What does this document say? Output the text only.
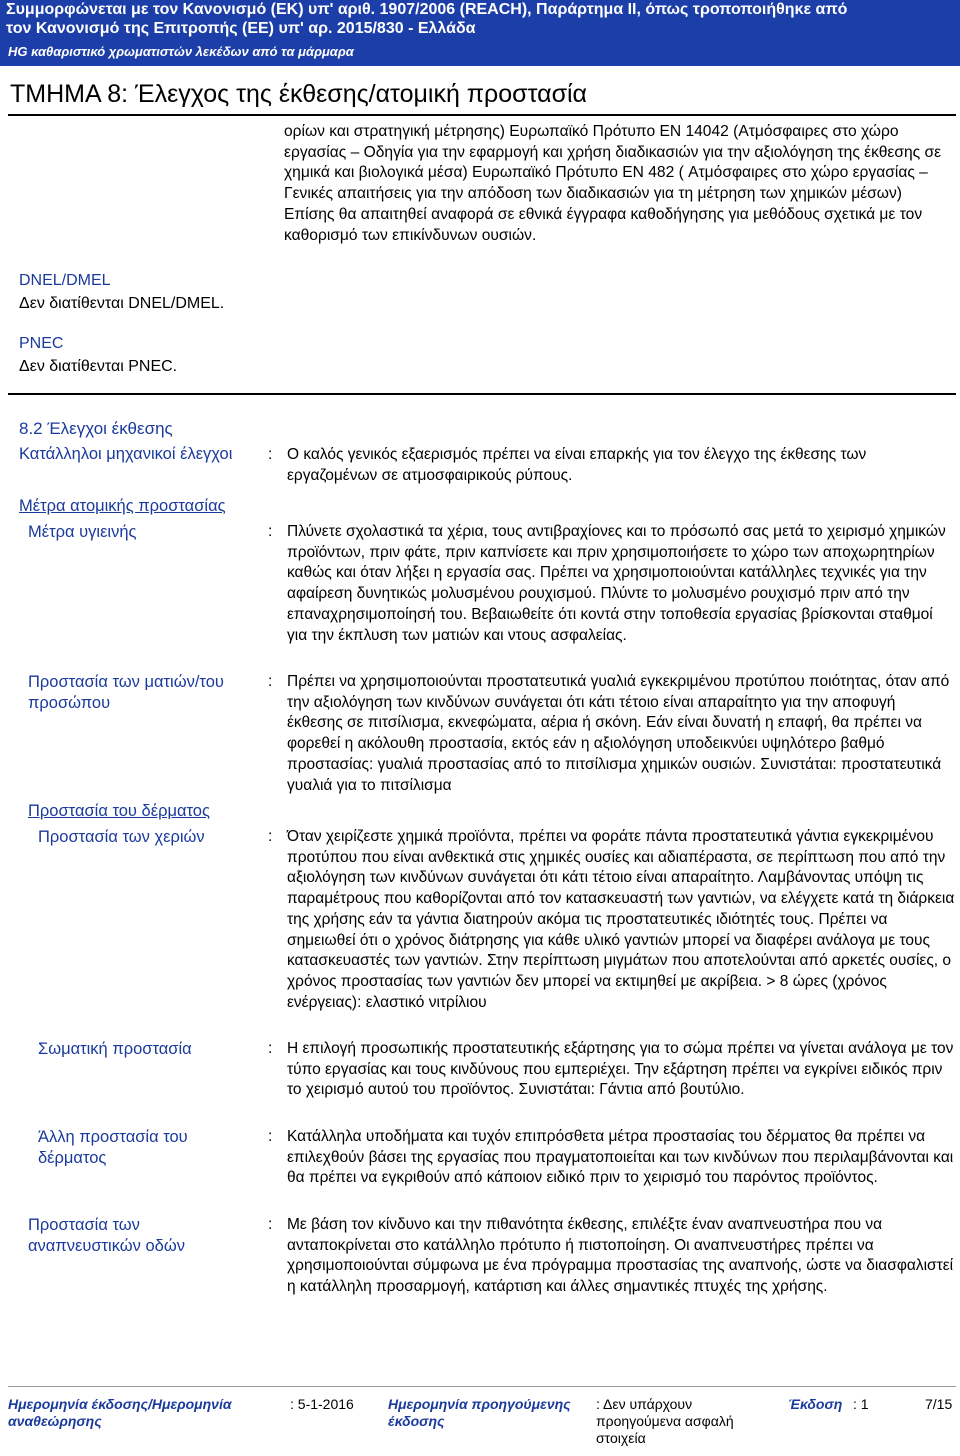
Συμμορφώνεται με τον Κανονισμό (ΕΚ) υπ' αριθ. 1907/2006 (REACH), Παράρτημα II, όπως τροποποιήθηκε από
τον Κανονισμό της Επιτροπής (ΕΕ) υπ' αρ. 2015/830 - Ελλάδα
HG καθαριστικό χρωματιστών λεκέδων από τα μάρμαρα
ΤΜΗΜΑ 8: Έλεγχος της έκθεσης/ατομική προστασία
ορίων και στρατηγική μέτρησης) Ευρωπαϊκό Πρότυπο EN 14042 (Ατμόσφαιρες στο χώρο εργασίας – Οδηγία για την εφαρμογή και χρήση διαδικασιών για την αξιολόγηση της έκθεσης σε χημικά και βιολογικά μέσα) Ευρωπαϊκό Πρότυπο EN 482 ( Ατμόσφαιρες στο χώρο εργασίας – Γενικές απαιτήσεις για την απόδοση των διαδικασιών για τη μέτρηση των χημικών μέσων) Επίσης θα απαιτηθεί αναφορά σε εθνικά έγγραφα καθοδήγησης για μεθόδους σχετικά με τον καθορισμό των επικίνδυνων ουσιών.
DNEL/DMEL
Δεν διατίθενται DNEL/DMEL.
PNEC
Δεν διατίθενται PNEC.
8.2 Έλεγχοι έκθεσης
Κατάλληλοι μηχανικοί έλεγχοι	: Ο καλός γενικός εξαερισμός πρέπει να είναι επαρκής για τον έλεγχο της έκθεσης των εργαζομένων σε ατμοσφαιρικούς ρύπους.
Μέτρα ατομικής προστασίας
Μέτρα υγιεινής	: Πλύνετε σχολαστικά τα χέρια, τους αντιβραχίονες και το πρόσωπό σας μετά το χειρισμό χημικών προϊόντων, πριν φάτε, πριν καπνίσετε και πριν χρησιμοποιήσετε το χώρο των αποχωρητηρίων καθώς και όταν λήξει η εργασία σας. Πρέπει να χρησιμοποιούνται κατάλληλες τεχνικές για την αφαίρεση δυνητικώς μολυσμένου ρουχισμού. Πλύντε το μολυσμένο ρουχισμό πριν από την επαναχρησιμοποίησή του. Βεβαιωθείτε ότι κοντά στην τοποθεσία εργασίας βρίσκονται σταθμοί για την έκπλυση των ματιών και ντους ασφαλείας.
Προστασία των ματιών/του προσώπου
: Πρέπει να χρησιμοποιούνται προστατευτικά γυαλιά εγκεκριμένου προτύπου ποιότητας, όταν από την αξιολόγηση των κινδύνων συνάγεται ότι κάτι τέτοιο είναι απαραίτητο για την αποφυγή έκθεσης σε πιτσίλισμα, εκνεφώματα, αέρια ή σκόνη. Εάν είναι δυνατή η επαφή, θα πρέπει να φορεθεί η ακόλουθη προστασία, εκτός εάν η αξιολόγηση υποδεικνύει υψηλότερο βαθμό προστασίας: γυαλιά προστασίας από το πιτσίλισμα χημικών ουσιών. Συνιστάται: προστατευτικά γυαλιά για το πιτσίλισμα
Προστασία του δέρματος
Προστασία των χεριών	: Όταν χειρίζεστε χημικά προϊόντα, πρέπει να φοράτε πάντα προστατευτικά γάντια εγκεκριμένου προτύπου που είναι ανθεκτικά στις χημικές ουσίες και αδιαπέραστα, σε περίπτωση που από την αξιολόγηση των κινδύνων συνάγεται ότι κάτι τέτοιο είναι απαραίτητο. Λαμβάνοντας υπόψη τις παραμέτρους που καθορίζονται από τον κατασκευαστή των γαντιών, να ελέγχετε κατά τη διάρκεια της χρήσης εάν τα γάντια διατηρούν ακόμα τις προστατευτικές ιδιότητές τους. Πρέπει να σημειωθεί ότι ο χρόνος διάτρησης για κάθε υλικό γαντιών μπορεί να διαφέρει ανάλογα με τους κατασκευαστές των γαντιών. Στην περίπτωση μιγμάτων που αποτελούνται από αρκετές ουσίες, ο χρόνος προστασίας των γαντιών δεν μπορεί να εκτιμηθεί με ακρίβεια. > 8 ώρες (χρόνος ενέργειας): ελαστικό νιτρίλιου
Σωματική προστασία	: Η επιλογή προσωπικής προστατευτικής εξάρτησης για το σώμα πρέπει να γίνεται ανάλογα με τον τύπο εργασίας και τους κινδύνους που εμπεριέχει. Την εξάρτηση πρέπει να εγκρίνει ειδικός πριν το χειρισμό αυτού του προϊόντος. Συνιστάται: Γάντια από βουτύλιο.
Άλλη προστασία του δέρματος
: Κατάλληλα υποδήματα και τυχόν επιπρόσθετα μέτρα προστασίας του δέρματος θα πρέπει να επιλεχθούν βάσει της εργασίας που πραγματοποιείται και των κινδύνων που περιλαμβάνονται και θα πρέπει να εγκριθούν από κάποιον ειδικό πριν το χειρισμό του παρόντος προϊόντος.
Προστασία των αναπνευστικών οδών
: Με βάση τον κίνδυνο και την πιθανότητα έκθεσης, επιλέξτε έναν αναπνευστήρα που να ανταποκρίνεται στο κατάλληλο πρότυπο ή πιστοποίηση. Οι αναπνευστήρες πρέπει να χρησιμοποιούνται σύμφωνα με ένα πρόγραμμα προστασίας της αναπνοής, ώστε να διασφαλιστεί η κατάλληλη προσαρμογή, κατάρτιση και άλλες σημαντικές πτυχές της χρήσης.
Ημερομηνία έκδοσης/Ημερομηνία αναθεώρησης
: 5-1-2016 Ημερομηνία προηγούμενης έκδοσης
: Δεν υπάρχουν προηγούμενα ασφαλή στοιχεία
Έκδοση : 1	7/15
